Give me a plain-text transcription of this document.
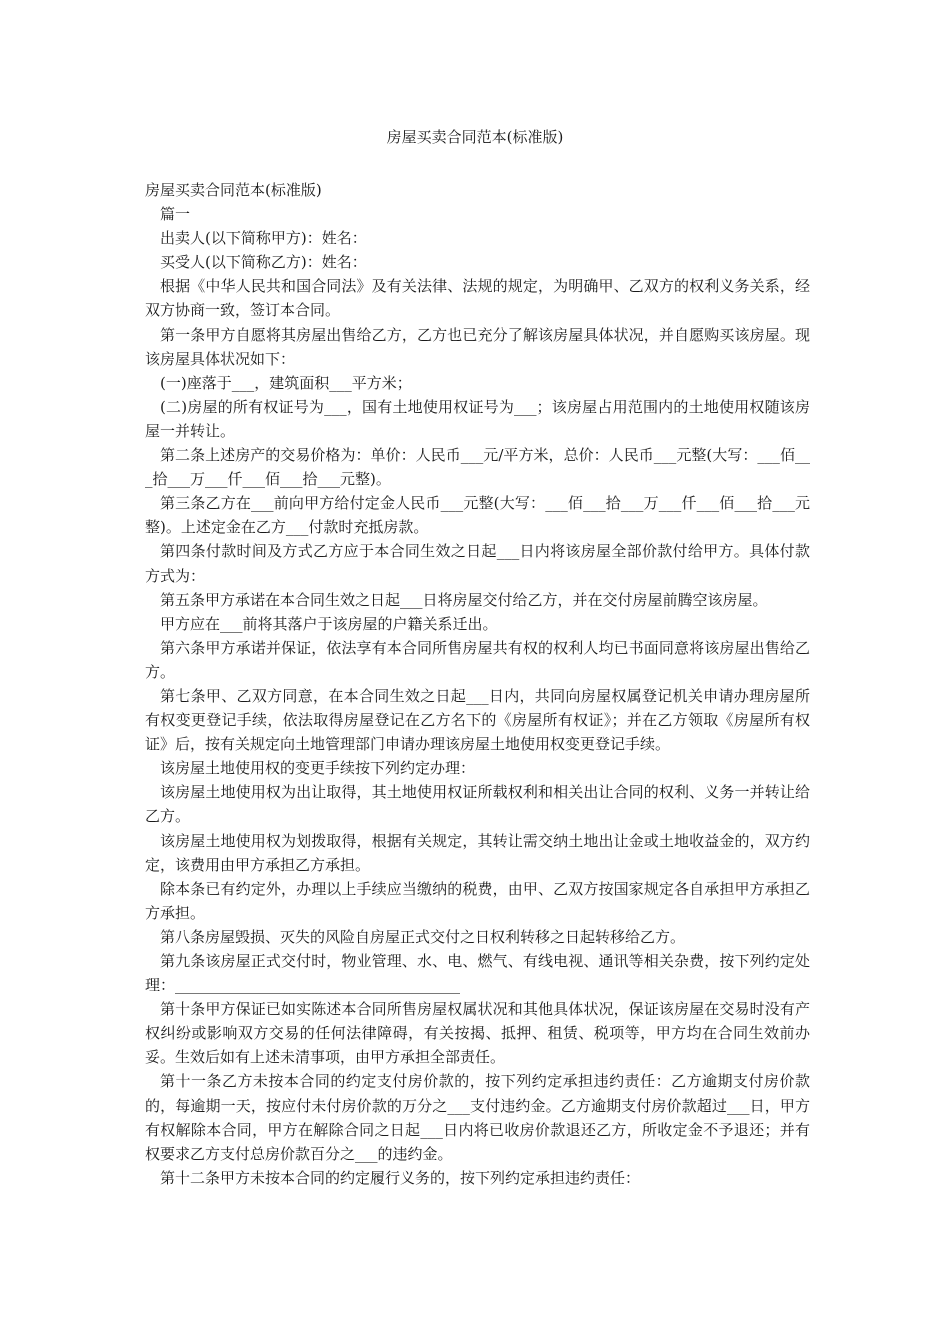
房屋买卖合同范本(标准版)

房屋买卖合同范本(标准版)

篇一

出卖人(以下简称甲方)：姓名：

买受人(以下简称乙方)：姓名：

根据《中华人民共和国合同法》及有关法律、法规的规定，为明确甲、乙双方的权利义务关系，经双方协商一致，签订本合同。

第一条甲方自愿将其房屋出售给乙方，乙方也已充分了解该房屋具体状况，并自愿购买该房屋。现该房屋具体状况如下：

(一)座落于___，建筑面积___平方米；

(二)房屋的所有权证号为___，国有土地使用权证号为___；该房屋占用范围内的土地使用权随该房屋一并转让。

第二条上述房产的交易价格为：单价：人民币___元/平方米，总价：人民币___元整(大写：___佰___拾___万___仟___佰___拾___元整)。

第三条乙方在___前向甲方给付定金人民币___元整(大写：___佰___拾___万___仟___佰___拾___元整)。上述定金在乙方___付款时充抵房款。

第四条付款时间及方式乙方应于本合同生效之日起___日内将该房屋全部价款付给甲方。具体付款方式为：

第五条甲方承诺在本合同生效之日起___日将房屋交付给乙方，并在交付房屋前腾空该房屋。

甲方应在___前将其落户于该房屋的户籍关系迁出。

第六条甲方承诺并保证，依法享有本合同所售房屋共有权的权利人均已书面同意将该房屋出售给乙方。

第七条甲、乙双方同意，在本合同生效之日起___日内，共同向房屋权属登记机关申请办理房屋所有权变更登记手续，依法取得房屋登记在乙方名下的《房屋所有权证》；并在乙方领取《房屋所有权证》后，按有关规定向土地管理部门申请办理该房屋土地使用权变更登记手续。

该房屋土地使用权的变更手续按下列约定办理：

该房屋土地使用权为出让取得，其土地使用权证所载权利和相关出让合同的权利、义务一并转让给乙方。

该房屋土地使用权为划拨取得，根据有关规定，其转让需交纳土地出让金或土地收益金的，双方约定，该费用由甲方承担乙方承担。

除本条已有约定外，办理以上手续应当缴纳的税费，由甲、乙双方按国家规定各自承担甲方承担乙方承担。

第八条房屋毁损、灭失的风险自房屋正式交付之日权利转移之日起转移给乙方。

第九条该房屋正式交付时，物业管理、水、电、燃气、有线电视、通讯等相关杂费，按下列约定处理：______________________________________

第十条甲方保证已如实陈述本合同所售房屋权属状况和其他具体状况，保证该房屋在交易时没有产权纠纷或影响双方交易的任何法律障碍，有关按揭、抵押、租赁、税项等，甲方均在合同生效前办妥。生效后如有上述未清事项，由甲方承担全部责任。

第十一条乙方未按本合同的约定支付房价款的，按下列约定承担违约责任：乙方逾期支付房价款的，每逾期一天，按应付未付房价款的万分之___支付违约金。乙方逾期支付房价款超过___日，甲方有权解除本合同，甲方在解除合同之日起___日内将已收房价款退还乙方，所收定金不予退还；并有权要求乙方支付总房价款百分之___的违约金。

第十二条甲方未按本合同的约定履行义务的，按下列约定承担违约责任：
